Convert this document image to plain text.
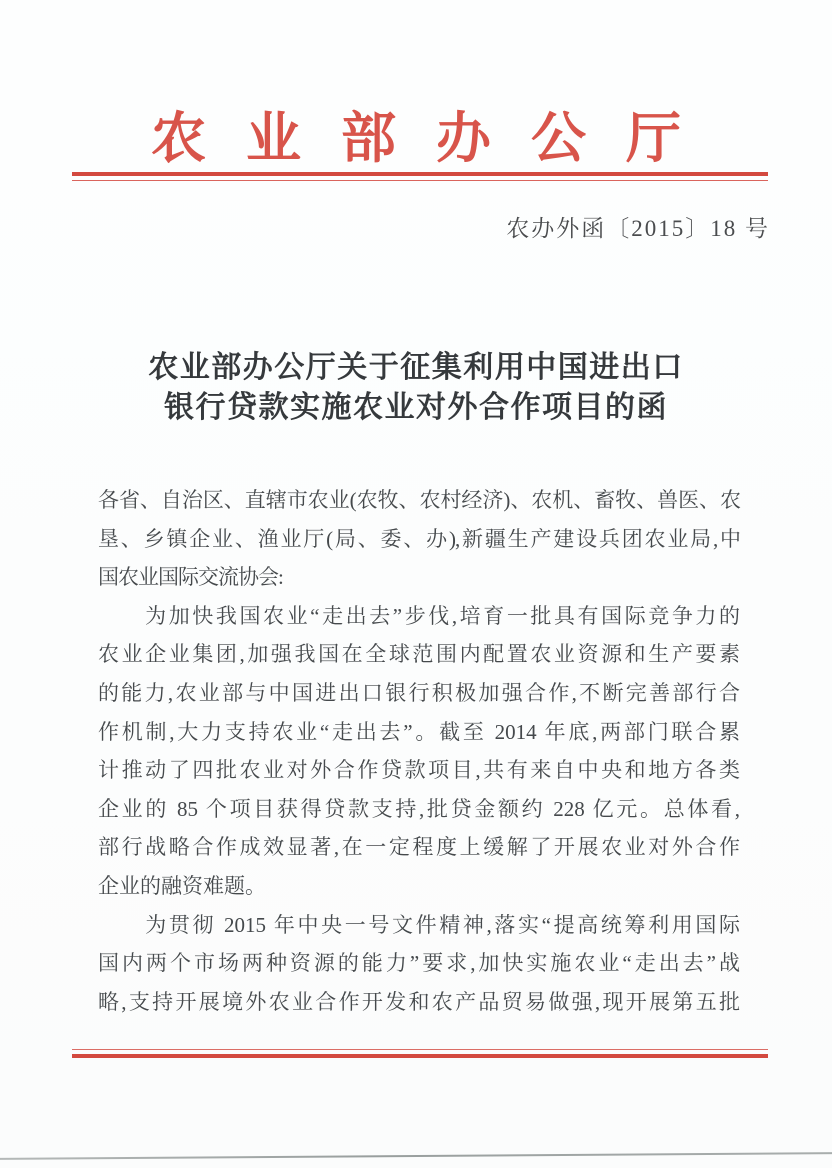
农业部办公厅
农办外函〔2015〕18 号
农业部办公厅关于征集利用中国进出口
银行贷款实施农业对外合作项目的函
各省、自治区、直辖市农业(农牧、农村经济)、农机、畜牧、兽医、农
垦、乡镇企业、渔业厅(局、委、办),新疆生产建设兵团农业局,中
国农业国际交流协会:
　　为加快我国农业“走出去”步伐,培育一批具有国际竞争力的
农业企业集团,加强我国在全球范围内配置农业资源和生产要素
的能力,农业部与中国进出口银行积极加强合作,不断完善部行合
作机制,大力支持农业“走出去”。截至 2014 年底,两部门联合累
计推动了四批农业对外合作贷款项目,共有来自中央和地方各类
企业的 85 个项目获得贷款支持,批贷金额约 228 亿元。总体看,
部行战略合作成效显著,在一定程度上缓解了开展农业对外合作
企业的融资难题。
　　为贯彻 2015 年中央一号文件精神,落实“提高统筹利用国际
国内两个市场两种资源的能力”要求,加快实施农业“走出去”战
略,支持开展境外农业合作开发和农产品贸易做强,现开展第五批
